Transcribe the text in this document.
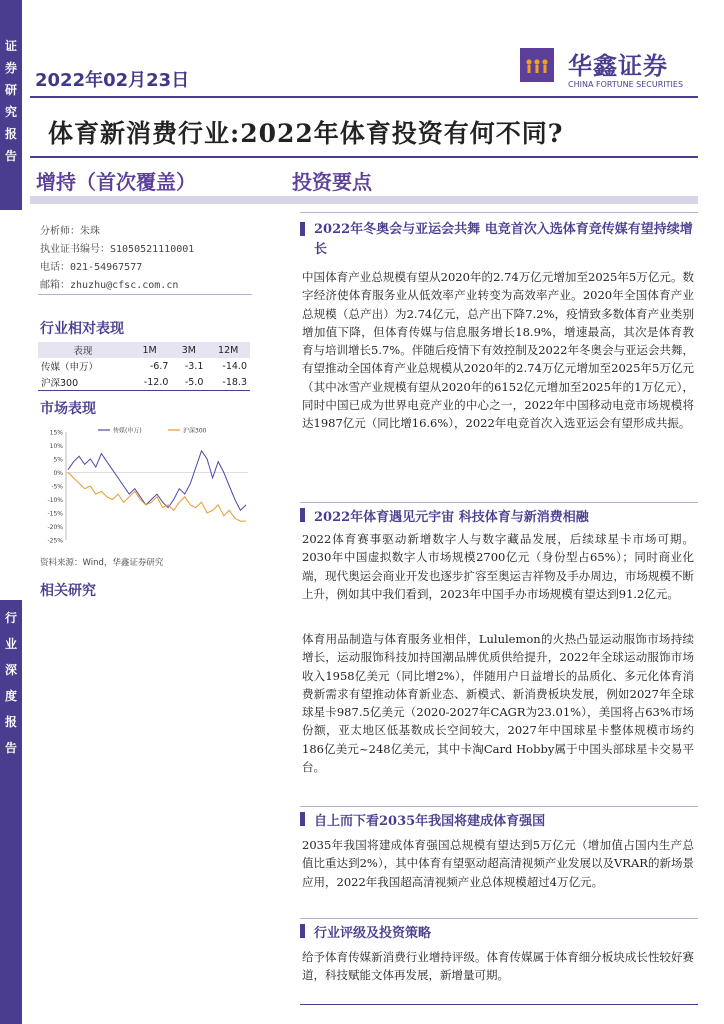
证
券
研
究
报
告
行
业
深
度
报
告
2022年02月23日
华鑫证券
CHINA FORTUNE SECURITIES
体育新消费行业:2022年体育投资有何不同?
增持（首次覆盖）	投资要点
分析师：朱珠
执业证书编号：S1050521110001
电话：021-54967577
邮箱：zhuzhu@cfsc.com.cn
行业相对表现
表现	1M	3M	12M
传媒（申万）	-6.7	-3.1	-14.0
沪深300	-12.0	-5.0	-18.3
市场表现
15%
10%
5%
0%
-5%
-10%
-15%
-20%
-25%
传媒(申万)	沪深300
资料来源：Wind，华鑫证券研究
相关研究
2022年冬奥会与亚运会共舞 电竞首次入选体育竞传媒有望持续增长
中国体育产业总规模有望从2020年的2.74万亿元增加至2025年5万亿元。数字经济使体育服务业从低效率产业转变为高效率产业。2020年全国体育产业总规模（总产出）为2.74亿元，总产出下降7.2%，疫情致多数体育产业类别增加值下降，但体育传媒与信息服务增长18.9%，增速最高，其次是体育教育与培训增长5.7%。伴随后疫情下有效控制及2022年冬奥会与亚运会共舞，有望推动全国体育产业总规模从2020年的2.74万亿元增加至2025年5万亿元（其中冰雪产业规模有望从2020年的6152亿元增加至2025年的1万亿元），同时中国已成为世界电竞产业的中心之一，2022年中国移动电竞市场规模将达1987亿元（同比增16.6%），2022年电竞首次入选亚运会有望形成共振。
2022年体育遇见元宇宙 科技体育与新消费相融
2022体育赛事驱动新增数字人与数字藏品发展，后续球星卡市场可期。2030年中国虚拟数字人市场规模2700亿元（身份型占65%）；同时商业化端，现代奥运会商业开发也逐步扩容至奥运吉祥物及手办周边，市场规模不断上升，例如其中我们看到，2023年中国手办市场规模有望达到91.2亿元。
体育用品制造与体育服务业相伴，Lululemon的火热凸显运动服饰市场持续增长，运动服饰科技加持国潮品牌优质供给提升，2022年全球运动服饰市场收入1958亿美元（同比增2%），伴随用户日益增长的品质化、多元化体育消费新需求有望推动体育新业态、新模式、新消费板块发展，例如2027年全球球星卡987.5亿美元（2020-2027年CAGR为23.01%），美国将占63%市场份额，亚太地区低基数成长空间较大，2027年中国球星卡整体规模市场约186亿美元~248亿美元，其中卡淘Card Hobby属于中国头部球星卡交易平台。
自上而下看2035年我国将建成体育强国
2035年我国将建成体育强国总规模有望达到5万亿元（增加值占国内生产总值比重达到2%），其中体育有望驱动超高清视频产业发展以及VRAR的新场景应用，2022年我国超高清视频产业总体规模超过4万亿元。
行业评级及投资策略
给予体育传媒新消费行业增持评级。体育传媒属于体育细分板块成长性较好赛道，科技赋能文体再发展，新增量可期。
